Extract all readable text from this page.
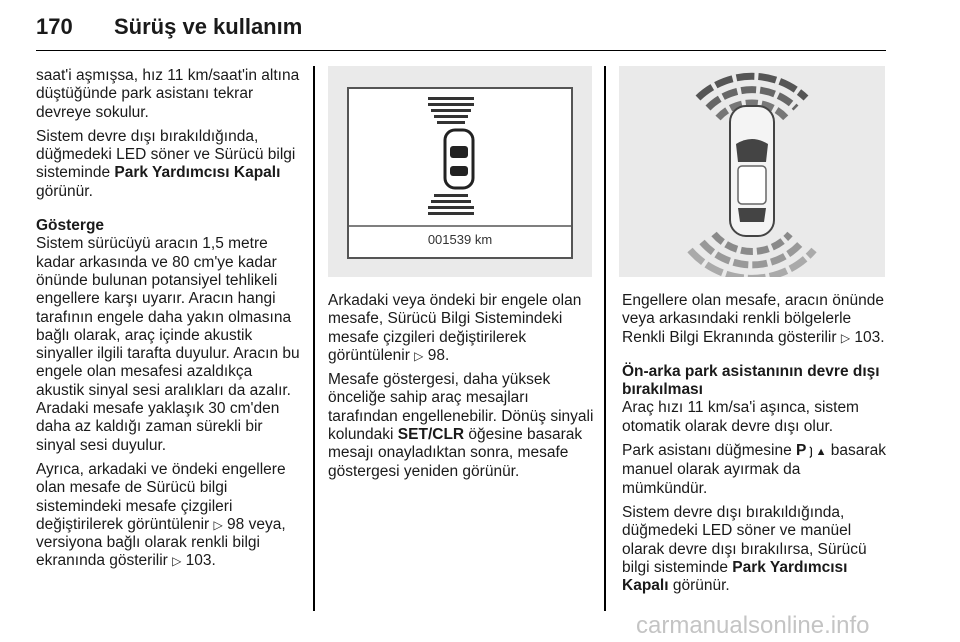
170 Sürüş ve kullanım

saat'i aşmışsa, hız 11 km/saat'in altına düştüğünde park asistanı tekrar devreye sokulur.

Sistem devre dışı bırakıldığında, düğmedeki LED söner ve Sürücü bilgi sisteminde Park Yardımcısı Kapalı görünür.

Gösterge

Sistem sürücüyü aracın 1,5 metre kadar arkasında ve 80 cm'ye kadar önünde bulunan potansiyel tehlikeli engellere karşı uyarır. Aracın hangi tarafının engele daha yakın olmasına bağlı olarak, araç içinde akustik sinyaller ilgili tarafta duyulur. Aracın bu engele olan mesafesi azaldıkça akustik sinyal sesi aralıkları da azalır. Aradaki mesafe yaklaşık 30 cm'den daha az kaldığı zaman sürekli bir sinyal sesi duyulur.

Ayrıca, arkadaki ve öndeki engellere olan mesafe de Sürücü bilgi sistemindeki mesafe çizgileri değiştirilerek görüntülenir ▷ 98 veya, versiyona bağlı olarak renkli bilgi ekranında gösterilir ▷ 103.

001539 km

Arkadaki veya öndeki bir engele olan mesafe, Sürücü Bilgi Sistemindeki mesafe çizgileri değiştirilerek görüntülenir ▷ 98.

Mesafe göstergesi, daha yüksek önceliğe sahip araç mesajları tarafından engellenebilir. Dönüş sinyali kolundaki SET/CLR öğesine basarak mesajı onayladıktan sonra, mesafe göstergesi yeniden görünür.

Engellere olan mesafe, aracın önünde veya arkasındaki renkli bölgelerle Renkli Bilgi Ekranında gösterilir ▷ 103.

Ön-arka park asistanının devre dışı bırakılması

Araç hızı 11 km/sa'i aşınca, sistem otomatik olarak devre dışı olur.

Park asistanı düğmesine P❳▲ basarak manuel olarak ayırmak da mümkündür.

Sistem devre dışı bırakıldığında, düğmedeki LED söner ve manüel olarak devre dışı bırakılırsa, Sürücü bilgi sisteminde Park Yardımcısı Kapalı görünür.

carmanualsonline.info
